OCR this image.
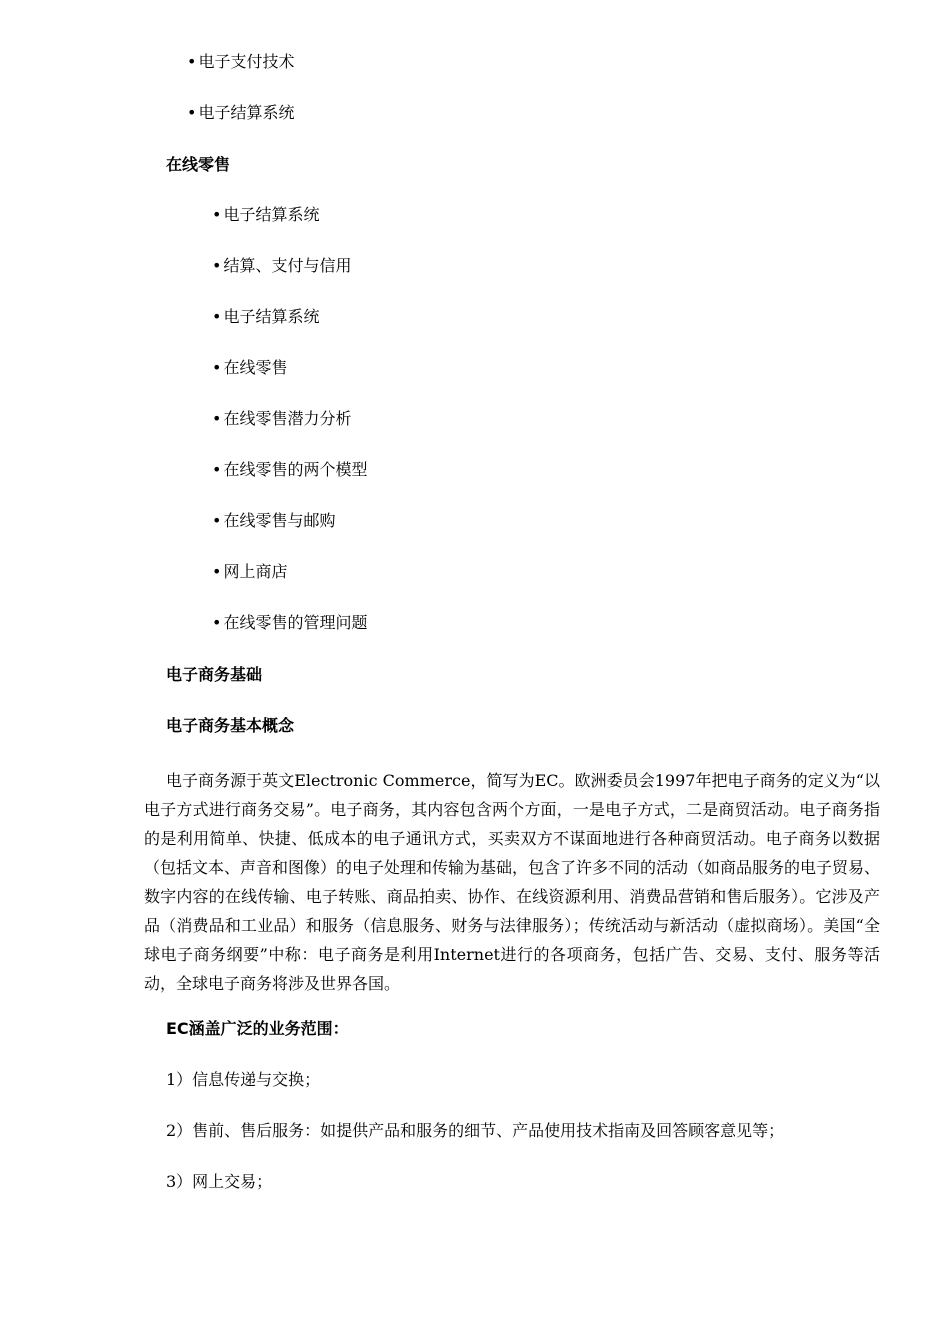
• 电子支付技术
• 电子结算系统
在线零售
• 电子结算系统
• 结算、支付与信用
• 电子结算系统
• 在线零售
• 在线零售潜力分析
• 在线零售的两个模型
• 在线零售与邮购
• 网上商店
• 在线零售的管理问题
电子商务基础
电子商务基本概念

电子商务源于英文Electronic Commerce，简写为EC。欧洲委员会1997年把电子商务的定义为“以电子方式进行商务交易”。电子商务，其内容包含两个方面，一是电子方式，二是商贸活动。电子商务指的是利用简单、快捷、低成本的电子通讯方式，买卖双方不谋面地进行各种商贸活动。电子商务以数据（包括文本、声音和图像）的电子处理和传输为基础，包含了许多不同的活动（如商品服务的电子贸易、数字内容的在线传输、电子转账、商品拍卖、协作、在线资源利用、消费品营销和售后服务）。它涉及产品（消费品和工业品）和服务（信息服务、财务与法律服务）；传统活动与新活动（虚拟商场）。美国“全球电子商务纲要”中称：电子商务是利用Internet进行的各项商务，包括广告、交易、支付、服务等活动，全球电子商务将涉及世界各国。

EC涵盖广泛的业务范围：
1）信息传递与交换；
2）售前、售后服务：如提供产品和服务的细节、产品使用技术指南及回答顾客意见等；
3）网上交易；
